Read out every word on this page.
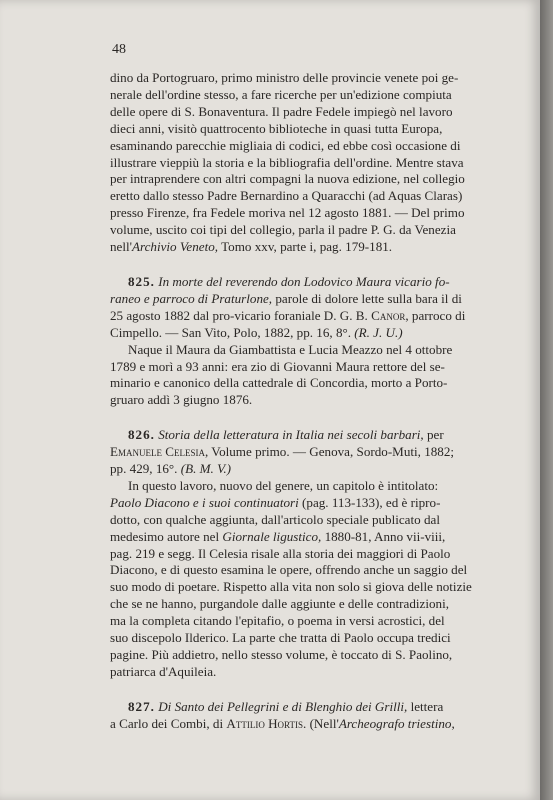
48

dino da Portogruaro, primo ministro delle provincie venete poi ge-

nerale dell'ordine stesso, a fare ricerche per un'edizione compiuta

delle opere di S. Bonaventura. Il padre Fedele impiegò nel lavoro

dieci anni, visitò quattrocento biblioteche in quasi tutta Europa,

esaminando parecchie migliaia di codici, ed ebbe così occasione di

illustrare vieppiù la storia e la bibliografia dell'ordine. Mentre stava

per intraprendere con altri compagni la nuova edizione, nel collegio

eretto dallo stesso Padre Bernardino a Quaracchi (ad Aquas Claras)

presso Firenze, fra Fedele moriva nel 12 agosto 1881. — Del primo

volume, uscito coi tipi del collegio, parla il padre P. G. da Venezia

nell'Archivio Veneto, Tomo xxv, parte i, pag. 179-181.

825. In morte del reverendo don Lodovico Maura vicario fo-

raneo e parroco di Praturlone, parole di dolore lette sulla bara il di

25 agosto 1882 dal pro-vicario foraniale D. G. B. Canor, parroco di

Cimpello. — San Vito, Polo, 1882, pp. 16, 8°. (R. J. U.)

Naque il Maura da Giambattista e Lucia Meazzo nel 4 ottobre

1789 e morì a 93 anni: era zio di Giovanni Maura rettore del se-

minario e canonico della cattedrale di Concordia, morto a Porto-

gruaro addì 3 giugno 1876.

826. Storia della letteratura in Italia nei secoli barbari, per

Emanuele Celesia, Volume primo. — Genova, Sordo-Muti, 1882;

pp. 429, 16°. (B. M. V.)

In questo lavoro, nuovo del genere, un capitolo è intitolato:

Paolo Diacono e i suoi continuatori (pag. 113-133), ed è ripro-

dotto, con qualche aggiunta, dall'articolo speciale publicato dal

medesimo autore nel Giornale ligustico, 1880-81, Anno vii-viii,

pag. 219 e segg. Il Celesia risale alla storia dei maggiori di Paolo

Diacono, e di questo esamina le opere, offrendo anche un saggio del

suo modo di poetare. Rispetto alla vita non solo si giova delle notizie

che se ne hanno, purgandole dalle aggiunte e delle contradizioni,

ma la completa citando l'epitafio, o poema in versi acrostici, del

suo discepolo Ilderico. La parte che tratta di Paolo occupa tredici

pagine. Più addietro, nello stesso volume, è toccato di S. Paolino,

patriarca d'Aquileia.

827. Di Santo dei Pellegrini e di Blenghio dei Grilli, lettera

a Carlo dei Combi, di Attilio Hortis. (Nell'Archeografo triestino,
